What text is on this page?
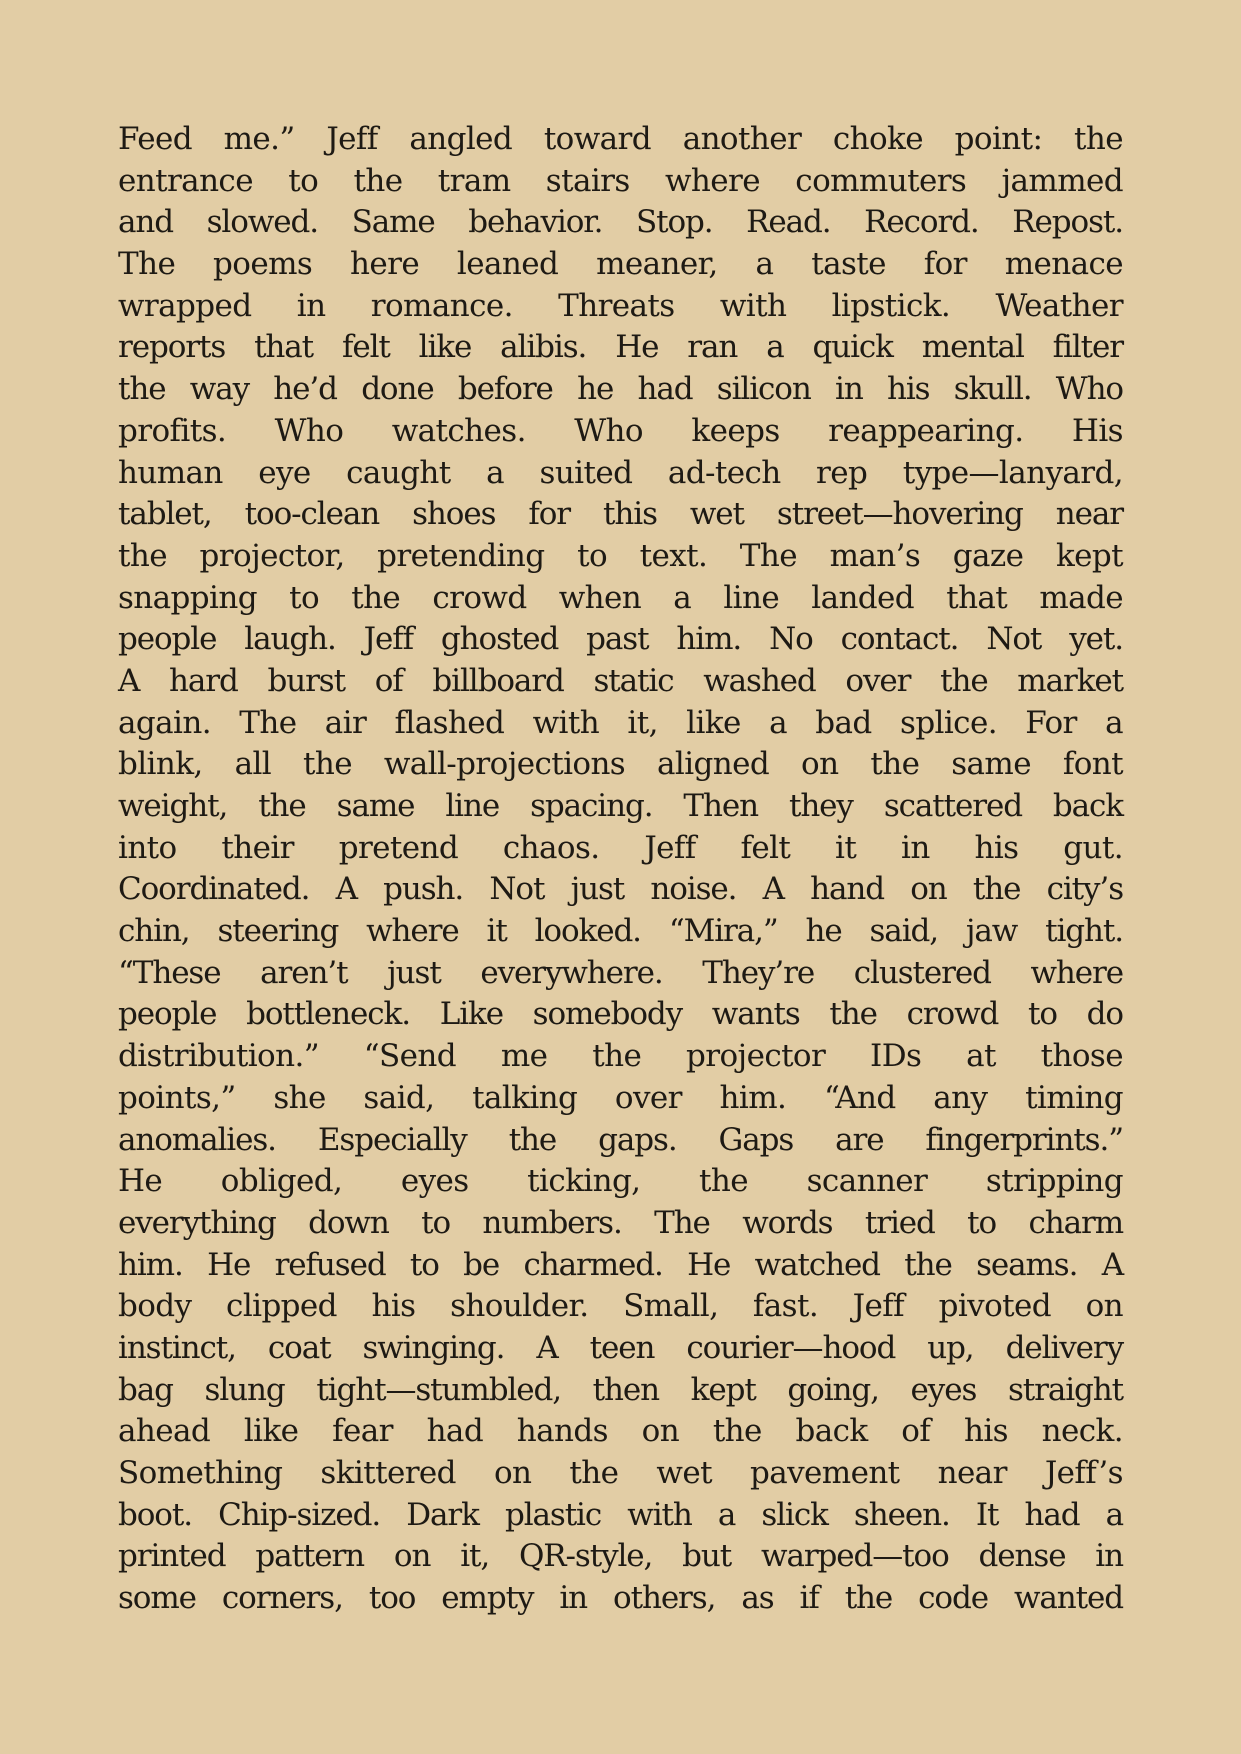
Feed me.” Jeff angled toward another choke point: the
entrance to the tram stairs where commuters jammed
and slowed. Same behavior. Stop. Read. Record. Repost.
The poems here leaned meaner, a taste for menace
wrapped in romance. Threats with lipstick. Weather
reports that felt like alibis. He ran a quick mental filter
the way he’d done before he had silicon in his skull. Who
profits. Who watches. Who keeps reappearing. His
human eye caught a suited ad-tech rep type—lanyard,
tablet, too-clean shoes for this wet street—hovering near
the projector, pretending to text. The man’s gaze kept
snapping to the crowd when a line landed that made
people laugh. Jeff ghosted past him. No contact. Not yet.
A hard burst of billboard static washed over the market
again. The air flashed with it, like a bad splice. For a
blink, all the wall-projections aligned on the same font
weight, the same line spacing. Then they scattered back
into their pretend chaos. Jeff felt it in his gut.
Coordinated. A push. Not just noise. A hand on the city’s
chin, steering where it looked. “Mira,” he said, jaw tight.
“These aren’t just everywhere. They’re clustered where
people bottleneck. Like somebody wants the crowd to do
distribution.” “Send me the projector IDs at those
points,” she said, talking over him. “And any timing
anomalies. Especially the gaps. Gaps are fingerprints.”
He obliged, eyes ticking, the scanner stripping
everything down to numbers. The words tried to charm
him. He refused to be charmed. He watched the seams. A
body clipped his shoulder. Small, fast. Jeff pivoted on
instinct, coat swinging. A teen courier—hood up, delivery
bag slung tight—stumbled, then kept going, eyes straight
ahead like fear had hands on the back of his neck.
Something skittered on the wet pavement near Jeff’s
boot. Chip-sized. Dark plastic with a slick sheen. It had a
printed pattern on it, QR-style, but warped—too dense in
some corners, too empty in others, as if the code wanted
